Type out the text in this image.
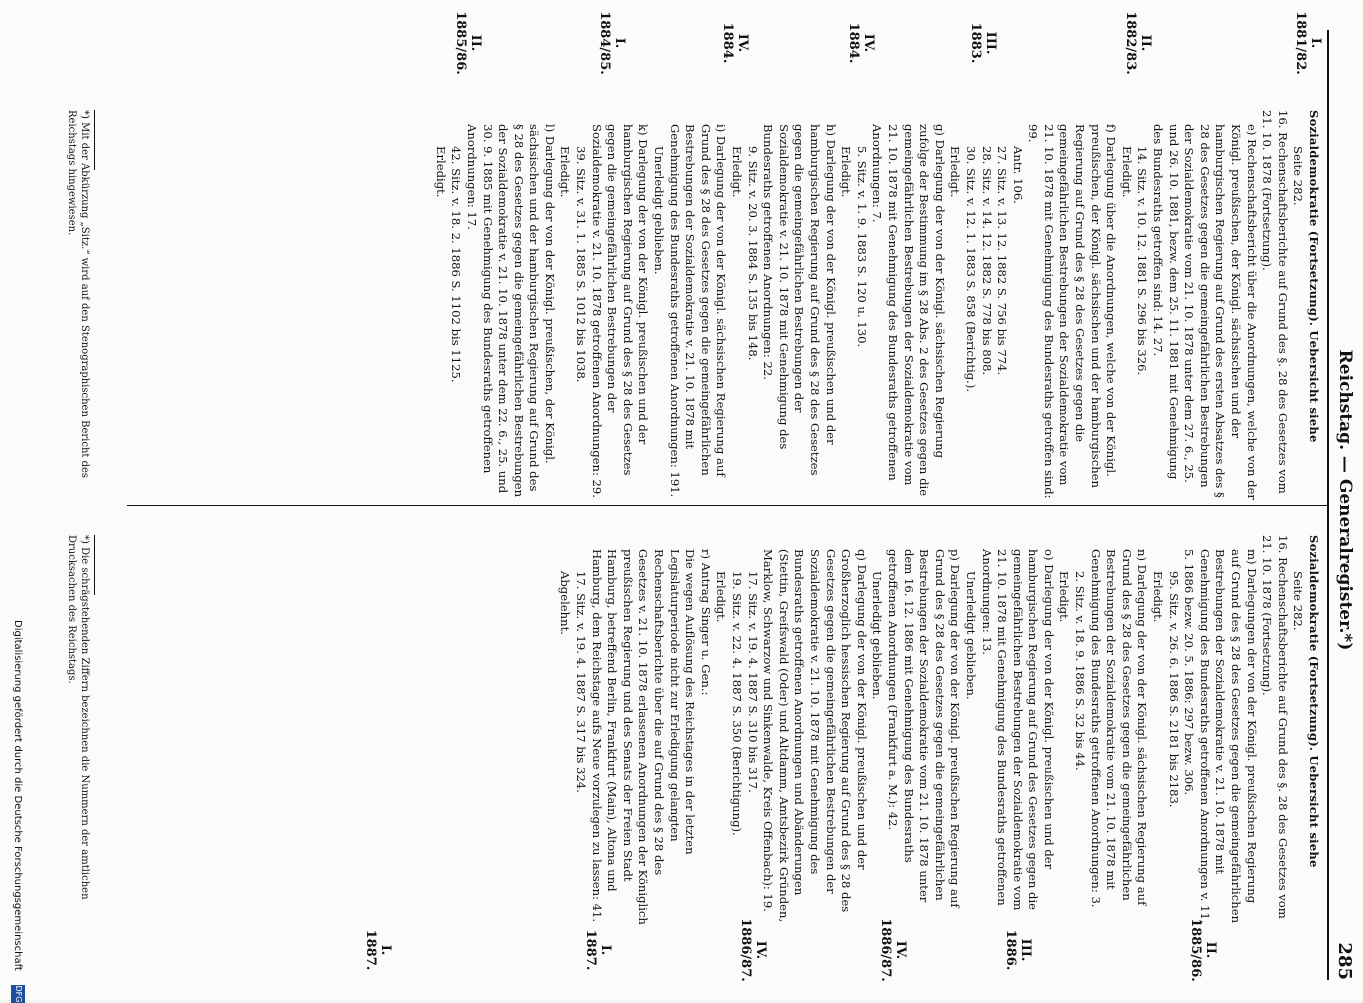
Reichstag. — Generalregister.*)
285
I.
1881/82.
II.
1882/83.
III.
1883.
IV.
1884.
IV.
1884.
I.
1884/85.
II.
1885/86.
II.
1885/86.
III.
1886.
IV.
1886/87.
IV.
1886/87.
I.
1887.
I.
1887.

Sozialdemokratie (Fortsetzung). Uebersicht siehe

Seite 282.

16. Rechenschaftsberichte auf Grund des §. 28 des Gesetzes vom 21. 10. 1878 (Fortsetzung).

e) Rechenschaftsbericht über die Anordnungen, welche von der Königl. preußischen, der Königl. sächsischen und der hamburgischen Regierung auf Grund des ersten Absatzes des § 28 des Gesetzes gegen die gemeingefährlichen Bestrebungen der Sozialdemokratie vom 21. 10. 1878 unter dem 27. 6., 25. und 26. 10. 1881, bezw. dem 25. 11. 1881 mit Genehmigung des Bundesraths getroffen sind: 14. 27.

14. Sitz. v. 10. 12. 1881 S. 296 bis 326.

Erledigt.

f) Darlegung über die Anordnungen, welche von der Königl. preußischen, der Königl. sächsischen und der hamburgischen Regierung auf Grund des § 28 des Gesetzes gegen die gemeingefährlichen Bestrebungen der Sozialdemokratie vom 21. 10. 1878 mit Genehmigung des Bundesraths getroffen sind: 99.

Antr. 106.

27. Sitz. v. 13. 12. 1882 S. 756 bis 774.

28. Sitz. v. 14. 12. 1882 S. 778 bis 808.

30. Sitz. v. 12. 1. 1883 S. 858 (Berichtig.).

Erledigt.

g) Darlegung der von der Königl. sächsischen Regierung zufolge der Bestimmung im § 28 Abs. 2 des Gesetzes gegen die gemeingefährlichen Bestrebungen der Sozialdemokratie vom 21. 10. 1878 mit Genehmigung des Bundesraths getroffenen Anordnungen: 7.

5. Sitz. v. 1. 9. 1883 S. 120 u. 130.

Erledigt.

h) Darlegung der von der Königl. preußischen und der hamburgischen Regierung auf Grund des § 28 des Gesetzes gegen die gemeingefährlichen Bestrebungen der Sozialdemokratie v. 21. 10. 1878 mit Genehmigung des Bundesraths getroffenen Anordnungen: 22.

9. Sitz. v. 20. 3. 1884 S. 135 bis 148.

Erledigt.

i) Darlegung der von der Königl. sächsischen Regierung auf Grund des § 28 des Gesetzes gegen die gemeingefährlichen Bestrebungen der Sozialdemokratie v. 21. 10. 1878 mit Genehmigung des Bundesraths getroffenen Anordnungen: 191.

Unerledigt geblieben.

k) Darlegung der von der Königl. preußischen und der hamburgischen Regierung auf Grund des § 28 des Gesetzes gegen die gemeingefährlichen Bestrebungen der Sozialdemokratie v. 21. 10. 1878 getroffenen Anordnungen: 29.

39. Sitz. v. 31. 1. 1885 S. 1012 bis 1038.

Erledigt.

l) Darlegung der von der Königl. preußischen, der Königl. sächsischen und der hamburgischen Regierung auf Grund des § 28 des Gesetzes gegen die gemeingefährlichen Bestrebungen der Sozialdemokratie v. 21. 10. 1878 unter dem 22. 6., 25. und 30. 9. 1885 mit Genehmigung des Bundesraths getroffenen Anordnungen: 17.

42. Sitz. v. 18. 2. 1886 S. 1102 bis 1125.

Erledigt.

Sozialdemokratie (Fortsetzung). Uebersicht siehe

Seite 282.

16. Rechenschaftsberichte auf Grund des §. 28 des Gesetzes vom 21. 10. 1878 (Fortsetzung).

m) Darlegungen der von der Königl. preußischen Regierung auf Grund des § 28 des Gesetzes gegen die gemeingefährlichen Bestrebungen der Sozialdemokratie v. 21. 10. 1878 mit Genehmigung des Bundesraths getroffenen Anordnungen v. 11. 5. 1886 bezw. 20. 5. 1886: 297 bezw. 306.

95. Sitz. v. 26. 6. 1886 S. 2181 bis 2183.

Erledigt.

n) Darlegung der von der Königl. sächsischen Regierung auf Grund des § 28 des Gesetzes gegen die gemeingefährlichen Bestrebungen der Sozialdemokratie vom 21. 10. 1878 mit Genehmigung des Bundesraths getroffenen Anordnungen: 3.

2. Sitz. v. 18. 9. 1886 S. 32 bis 44.

Erledigt.

o) Darlegung der von der Königl. preußischen und der hamburgischen Regierung auf Grund des Gesetzes gegen die gemeingefährlichen Bestrebungen der Sozialdemokratie vom 21. 10. 1878 mit Genehmigung des Bundesraths getroffenen Anordnungen: 13.

Unerledigt geblieben.

p) Darlegung der von der Königl. preußischen Regierung auf Grund des § 28 des Gesetzes gegen die gemeingefährlichen Bestrebungen der Sozialdemokratie vom 21. 10. 1878 unter dem 16. 12. 1886 mit Genehmigung des Bundesraths getroffenen Anordnungen (Frankfurt a. M.): 42.

Unerledigt geblieben.

q) Darlegung der von der Königl. preußischen und der Großherzoglich hessischen Regierung auf Grund des § 28 des Gesetzes gegen die gemeingefährlichen Bestrebungen der Sozialdemokratie v. 21. 10. 1878 mit Genehmigung des Bundesraths getroffenen Anordnungen und Abänderungen (Stettin, Greifswald (Oder) und Altdamm, Amtsbezirk Gründen, Marklow, Schwarzow und Sinkenwalde, Kreis Offenbach): 19.

17. Sitz. v. 19. 4. 1887 S. 310 bis 317.

19. Sitz. v. 22. 4. 1887 S. 350 (Berichtigung).

Erledigt.

r) Antrag Singer u. Gen.:

Die wegen Auflösung des Reichstages in der letzten Legislaturperiode nicht zur Erledigung gelangten Rechenschaftsberichte über die auf Grund des § 28 des Gesetzes v. 21. 10. 1878 erlassenen Anordnungen der Königlich preußischen Regierung und des Senats der Freien Stadt Hamburg, betreffend Berlin, Frankfurt (Main), Altona und Hamburg, dem Reichstage aufs Neue vorzulegen zu lassen: 41.

17. Sitz. v. 19. 4. 1887 S. 317 bis 324.

Abgelehnt.

*) Mit der Abkürzung „Sitz.“ wird auf den Stenographischen Bericht des Reichstags hingewiesen.
*) Die schrägstehenden Ziffern bezeichnen die Nummern der amtlichen Drucksachen des Reichstags.
Digitalisierung gefördert durch die Deutsche Forschungsgemeinschaft
DFG
